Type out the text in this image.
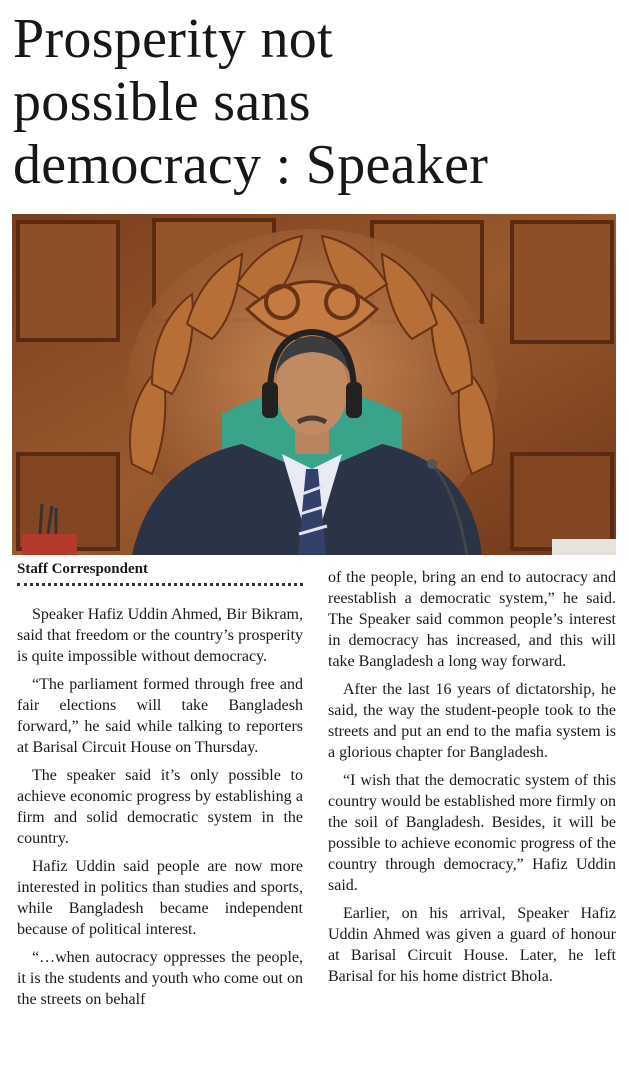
Prosperity not
possible sans
democracy : Speaker
Staff Correspondent

Speaker Hafiz Uddin Ahmed, Bir Bikram, said that freedom or the country’s prosperity is quite impossible without democracy.

“The parliament formed through free and fair elections will take Bangladesh forward,” he said while talking to reporters at Barisal Circuit House on Thursday.

The speaker said it’s only possible to achieve economic progress by establishing a firm and solid democratic system in the country.

Hafiz Uddin said people are now more interested in politics than studies and sports, while Bangladesh became independent because of political interest.

“…when autocracy oppresses the people, it is the students and youth who come out on the streets on behalf

of the people, bring an end to autocracy and reestablish a democratic system,” he said. The Speaker said common people’s interest in democracy has increased, and this will take Bangladesh a long way forward.

After the last 16 years of dictatorship, he said, the way the student-people took to the streets and put an end to the mafia system is a glorious chapter for Bangladesh.

“I wish that the democratic system of this country would be established more firmly on the soil of Bangladesh. Besides, it will be possible to achieve economic progress of the country through democracy,” Hafiz Uddin said.

Earlier, on his arrival, Speaker Hafiz Uddin Ahmed was given a guard of honour at Barisal Circuit House. Later, he left Barisal for his home district Bhola.
